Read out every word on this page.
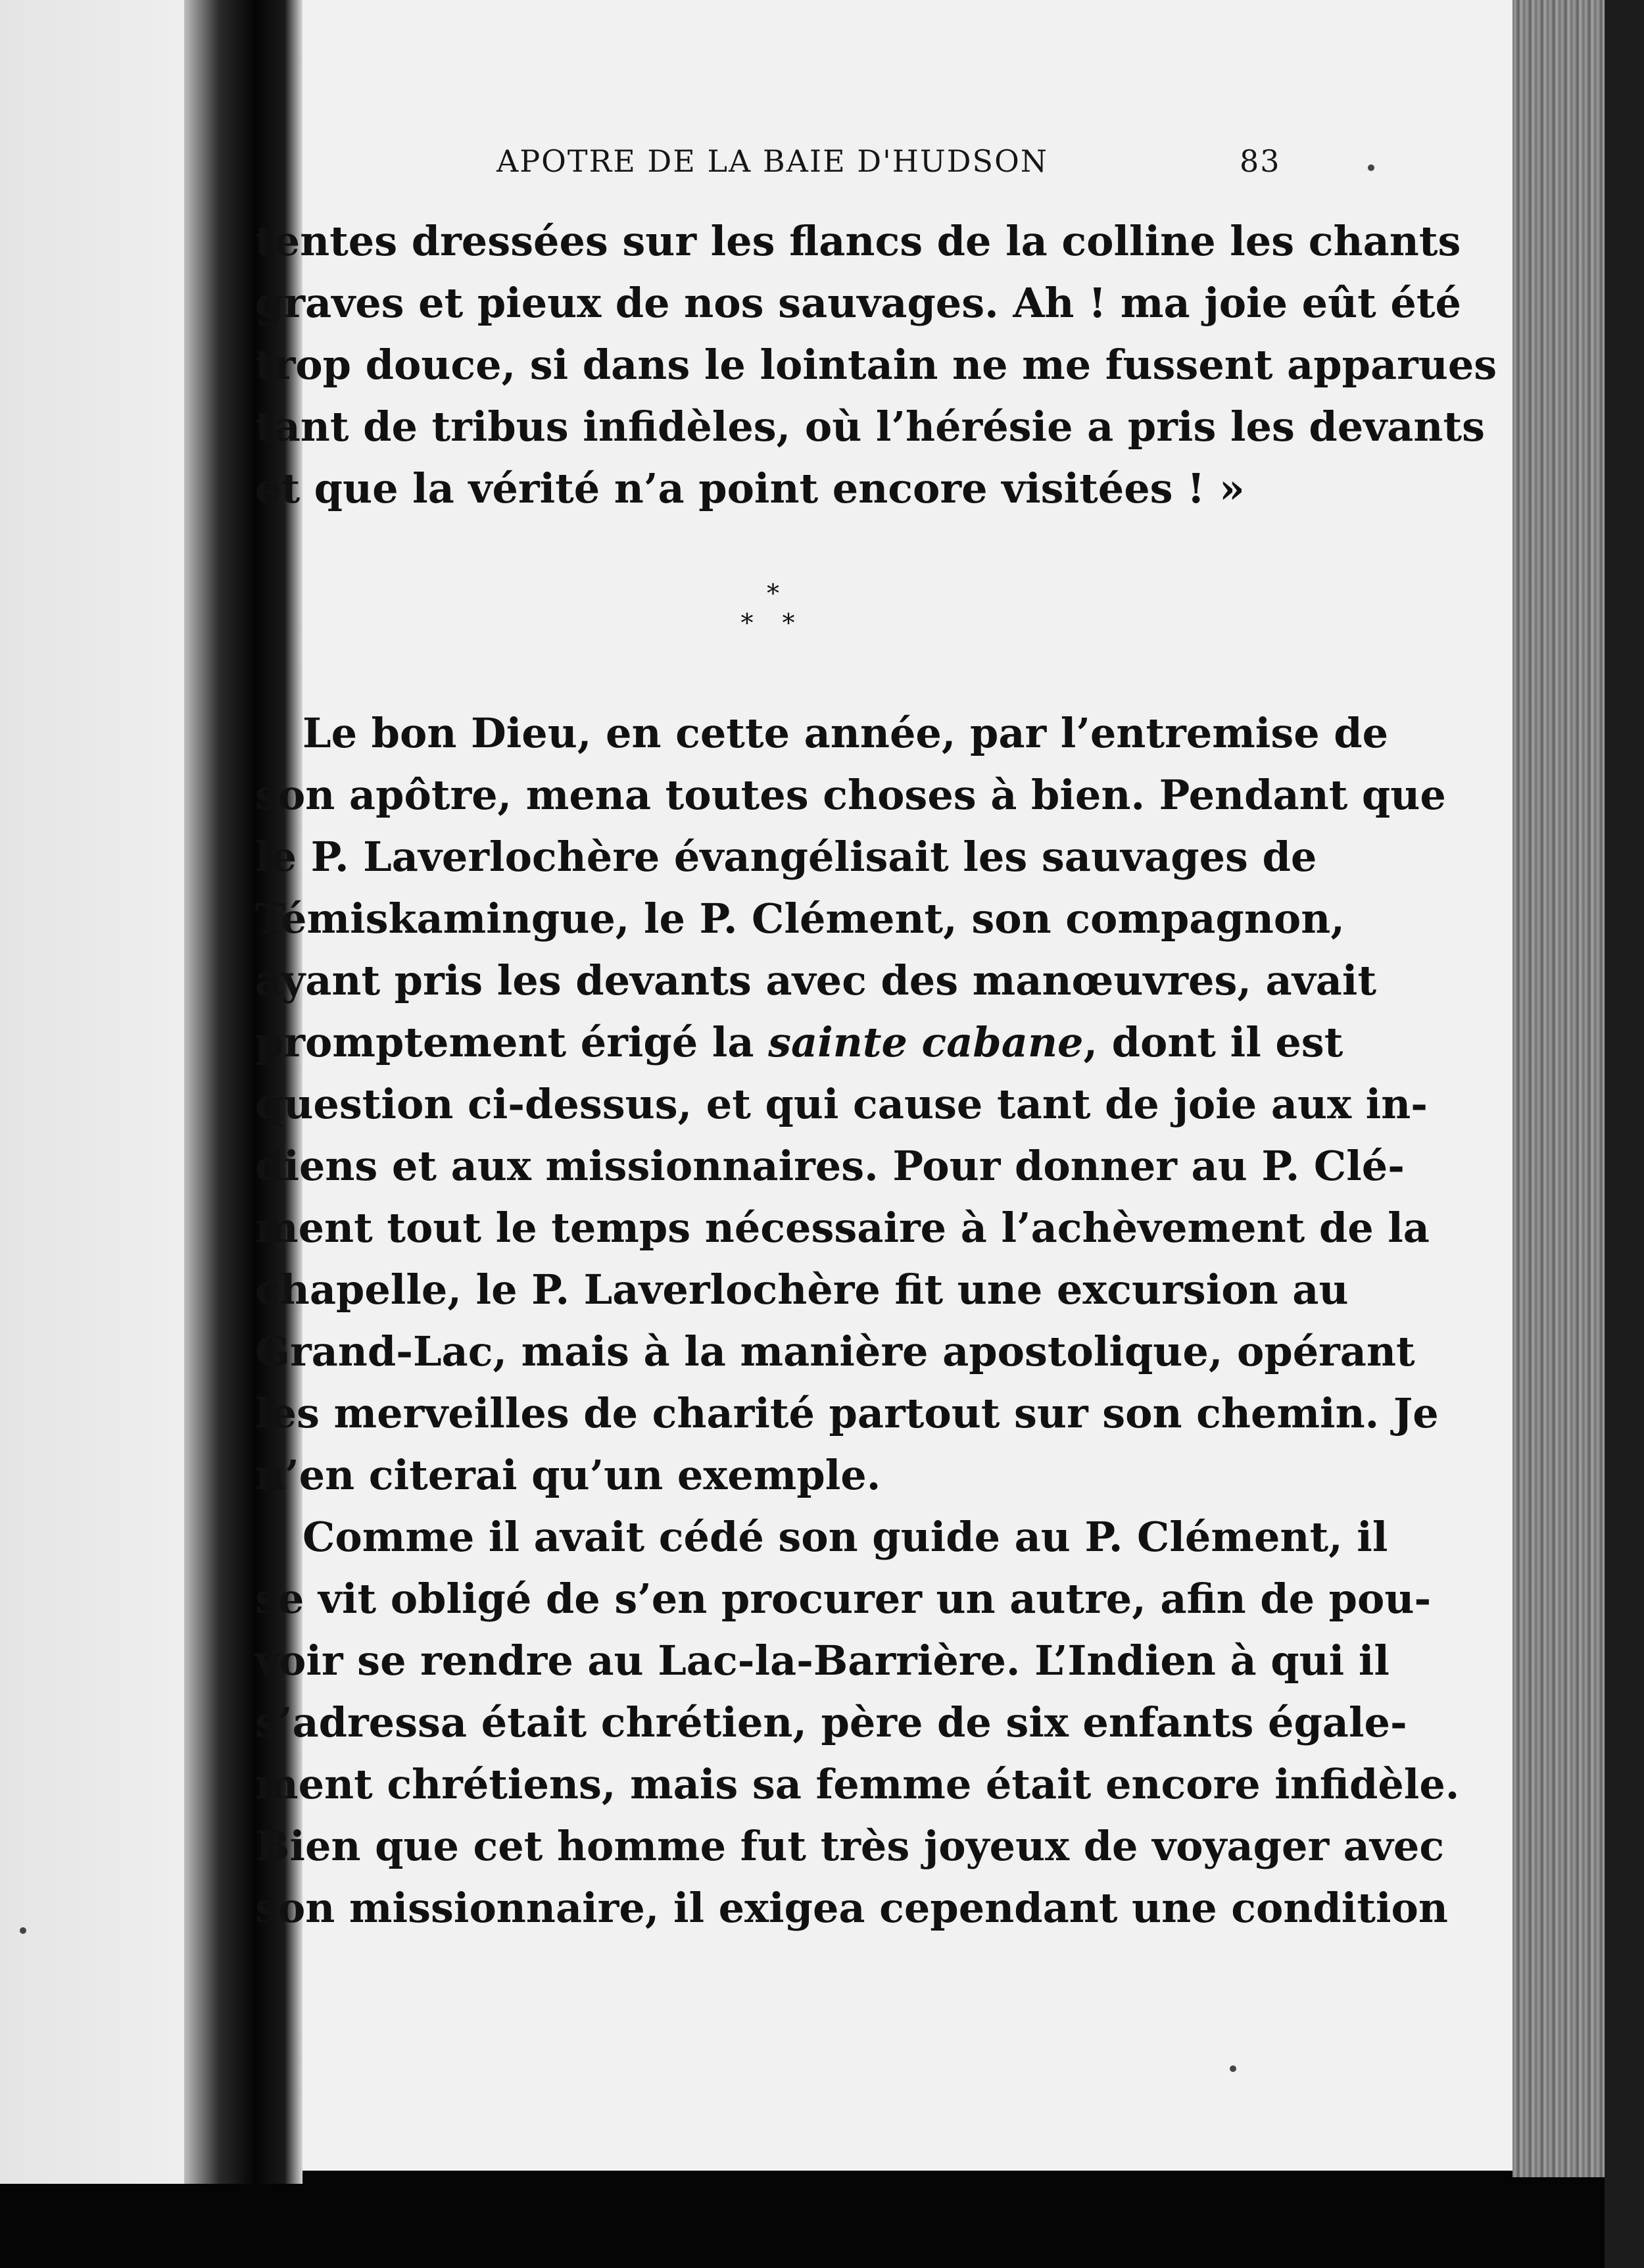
APOTRE DE LA BAIE D'HUDSON	83
tentes dressées sur les flancs de la colline les chants
graves et pieux de nos sauvages. Ah ! ma joie eût été
trop douce, si dans le lointain ne me fussent apparues
tant de tribus infidèles, où l’hérésie a pris les devants
et que la vérité n’a point encore visitées ! »
*
* *
Le bon Dieu, en cette année, par l’entremise de
son apôtre, mena toutes choses à bien. Pendant que
le P. Laverlochère évangélisait les sauvages de
Témiskamingue, le P. Clément, son compagnon,
ayant pris les devants avec des manœuvres, avait
promptement érigé la sainte cabane, dont il est
question ci-dessus, et qui cause tant de joie aux in-
diens et aux missionnaires. Pour donner au P. Clé-
ment tout le temps nécessaire à l’achèvement de la
chapelle, le P. Laverlochère fit une excursion au
Grand-Lac, mais à la manière apostolique, opérant
les merveilles de charité partout sur son chemin. Je
n’en citerai qu’un exemple.
Comme il avait cédé son guide au P. Clément, il
se vit obligé de s’en procurer un autre, afin de pou-
voir se rendre au Lac-la-Barrière. L’Indien à qui il
s’adressa était chrétien, père de six enfants égale-
ment chrétiens, mais sa femme était encore infidèle.
Bien que cet homme fut très joyeux de voyager avec
son missionnaire, il exigea cependant une condition
